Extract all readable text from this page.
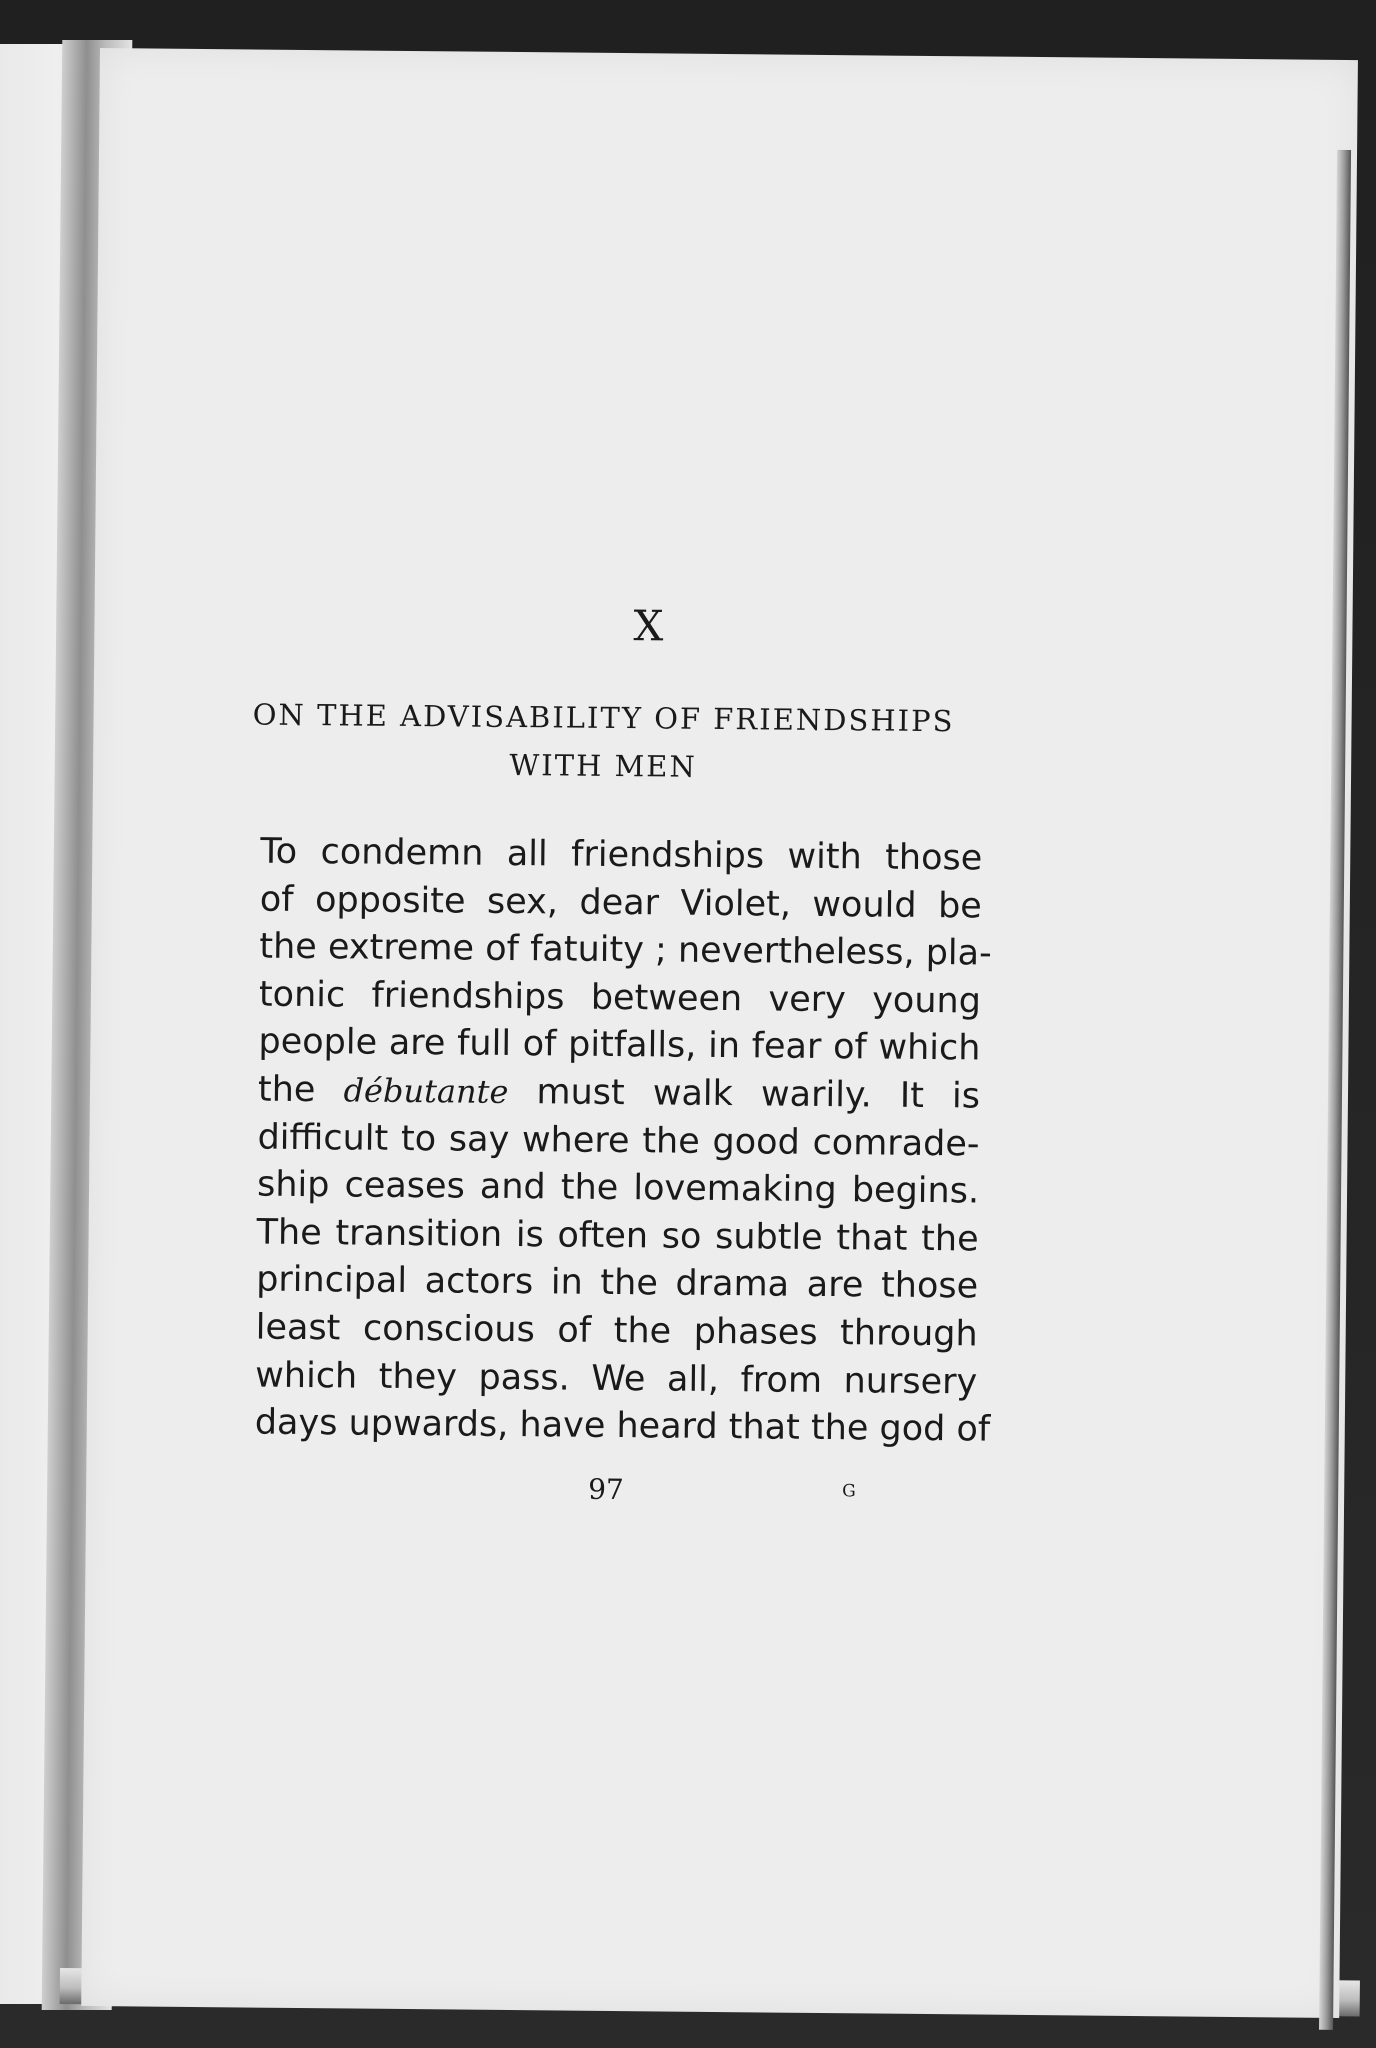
X
ON THE ADVISABILITY OF FRIENDSHIPS
WITH MEN
To condemn all friendships with those
of opposite sex, dear Violet, would be
the extreme of fatuity ; nevertheless, pla-
tonic friendships between very young
people are full of pitfalls, in fear of which
the débutante must walk warily. It is
difficult to say where the good comrade-
ship ceases and the lovemaking begins.
The transition is often so subtle that the
principal actors in the drama are those
least conscious of the phases through
which they pass. We all, from nursery
days upwards, have heard that the god of
97	G
